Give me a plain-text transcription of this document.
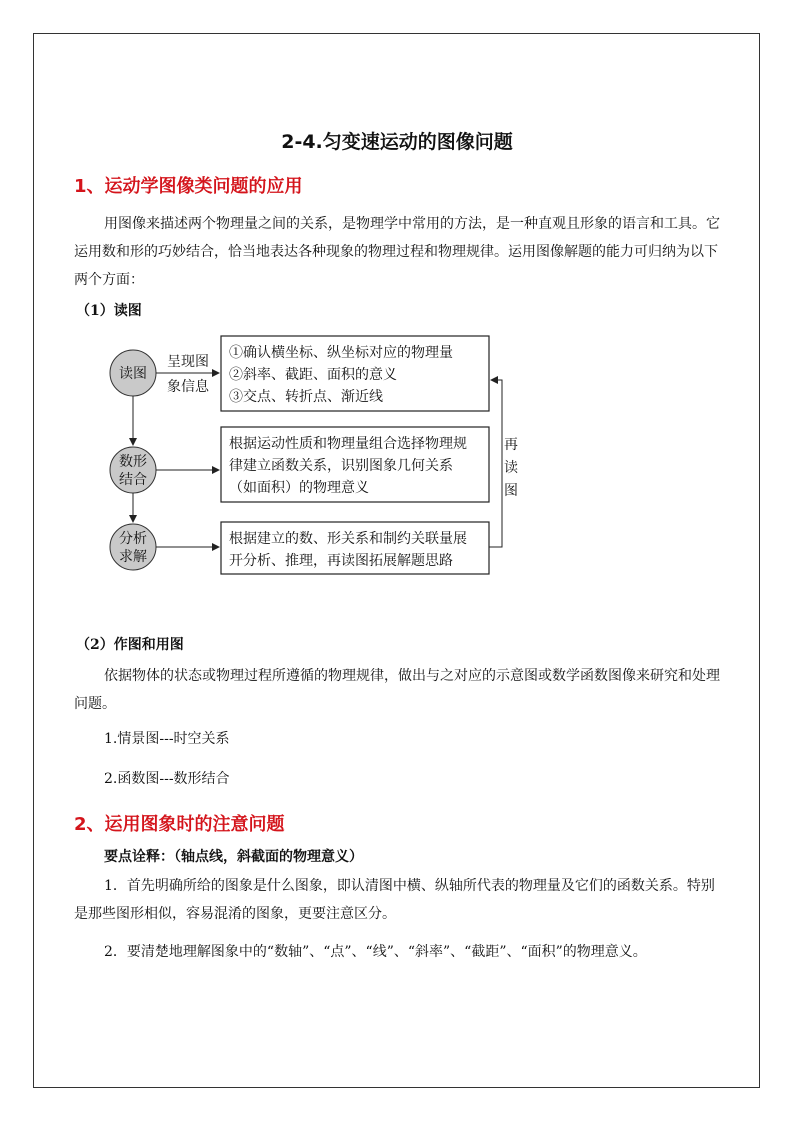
2-4.匀变速运动的图像问题
1、运动学图像类问题的应用
用图像来描述两个物理量之间的关系，是物理学中常用的方法，是一种直观且形象的语言和工具。它运用数和形的巧妙结合，恰当地表达各种现象的物理过程和物理规律。运用图像解题的能力可归纳为以下两个方面：
（1）读图
读图
数形
结合
分析
求解
呈现图
象信息
①确认横坐标、纵坐标对应的物理量
②斜率、截距、面积的意义
③交点、转折点、渐近线
根据运动性质和物理量组合选择物理规
律建立函数关系，识别图象几何关系
（如面积）的物理意义
根据建立的数、形关系和制约关联量展
开分析、推理，再读图拓展解题思路
再
读
图
（2）作图和用图
依据物体的状态或物理过程所遵循的物理规律，做出与之对应的示意图或数学函数图像来研究和处理问题。
1.情景图---时空关系
2.函数图---数形结合
2、运用图象时的注意问题
要点诠释：（轴点线，斜截面的物理意义）
1．首先明确所给的图象是什么图象，即认清图中横、纵轴所代表的物理量及它们的函数关系。特别是那些图形相似，容易混淆的图象，更要注意区分。
2．要清楚地理解图象中的“数轴”、“点”、“线”、“斜率”、“截距”、“面积”的物理意义。
